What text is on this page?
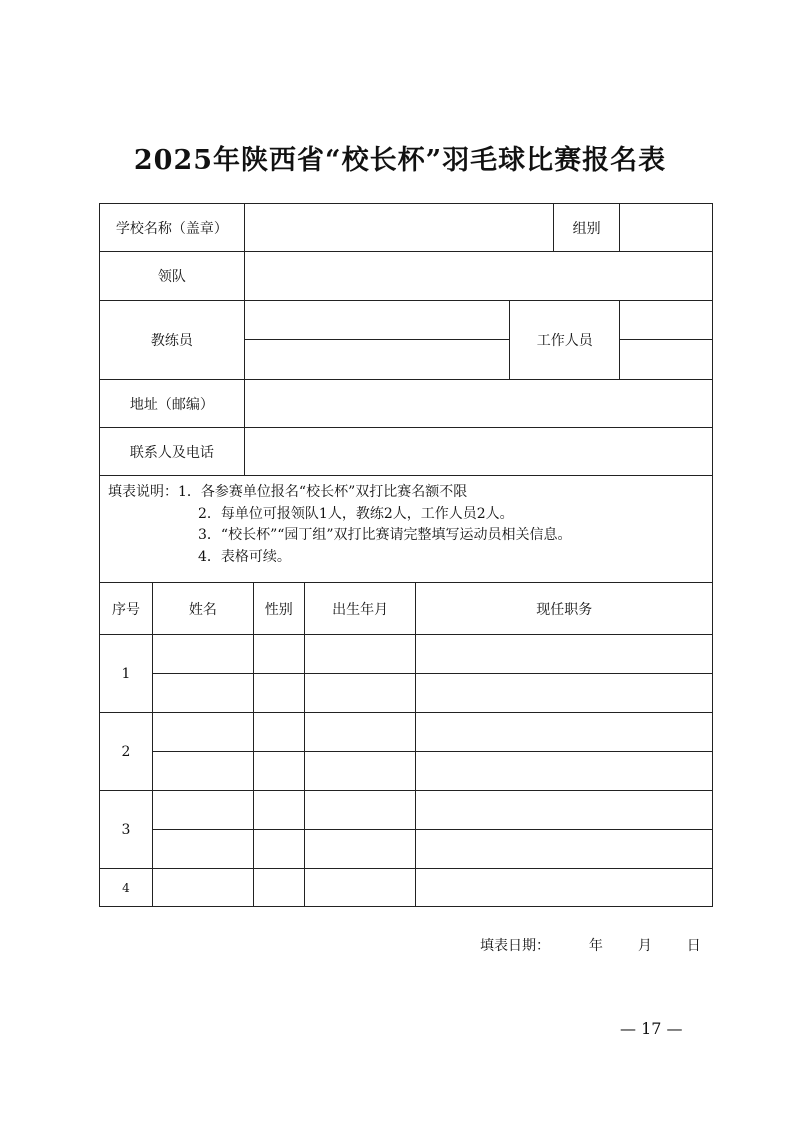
2025年陕西省“校长杯”羽毛球比赛报名表
学校名称（盖章）			组别	
领队				
教练员		工作人员		

地址（邮编）				
联系人及电话				

填表说明：1．各参赛单位报名“校长杯”双打比赛名额不限
2．每单位可报领队1人，教练2人，工作人员2人。
3．“校长杯”“园丁组”双打比赛请完整填写运动员相关信息。
4．表格可续。				
序号	姓名	性别	出生年月	现任职务
1				

2				

3				

4				
填表日期：	年 月 日
— 17 —
